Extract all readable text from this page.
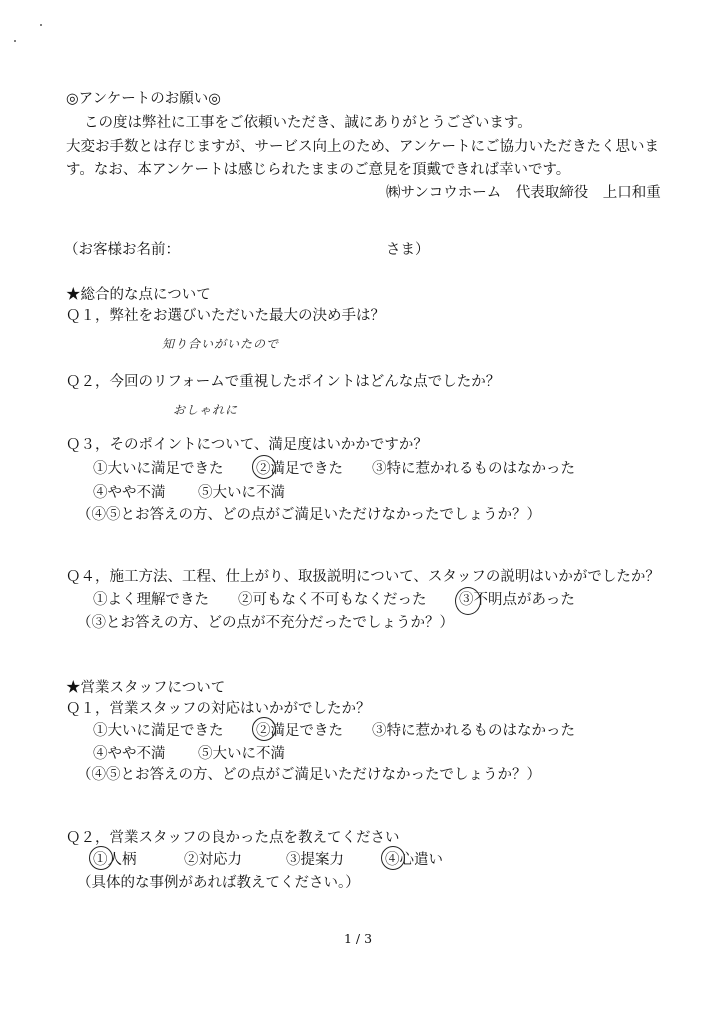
◎アンケートのお願い◎
この度は弊社に工事をご依頼いただき、誠にありがとうございます。
大変お手数とは存じますが、サービス向上のため、アンケートにご協力いただきたく思いま
す。なお、本アンケートは感じられたままのご意見を頂戴できれば幸いです。
㈱サンコウホーム　代表取締役　上口和重
（お客様お名前：	さま）
★総合的な点について
Ｑ１，弊社をお選びいただいた最大の決め手は？
知り合いがいたので
Ｑ２，今回のリフォームで重視したポイントはどんな点でしたか？
おしゃれに
Ｑ３，そのポイントについて、満足度はいかかですか？
①大いに満足できた ②満足できた ③特に惹かれるものはなかった
④やや不満 ⑤大いに不満
（④⑤とお答えの方、どの点がご満足いただけなかったでしょうか？）
Ｑ４，施工方法、工程、仕上がり、取扱説明について、スタッフの説明はいかがでしたか？
①よく理解できた ②可もなく不可もなくだった ③不明点があった
（③とお答えの方、どの点が不充分だったでしょうか？）
★営業スタッフについて
Ｑ１，営業スタッフの対応はいかがでしたか？
①大いに満足できた ②満足できた ③特に惹かれるものはなかった
④やや不満 ⑤大いに不満
（④⑤とお答えの方、どの点がご満足いただけなかったでしょうか？）
Ｑ２，営業スタッフの良かった点を教えてください
①人柄	②対応力	③提案力	④心遣い
（具体的な事例があれば教えてください。）
1 / 3
